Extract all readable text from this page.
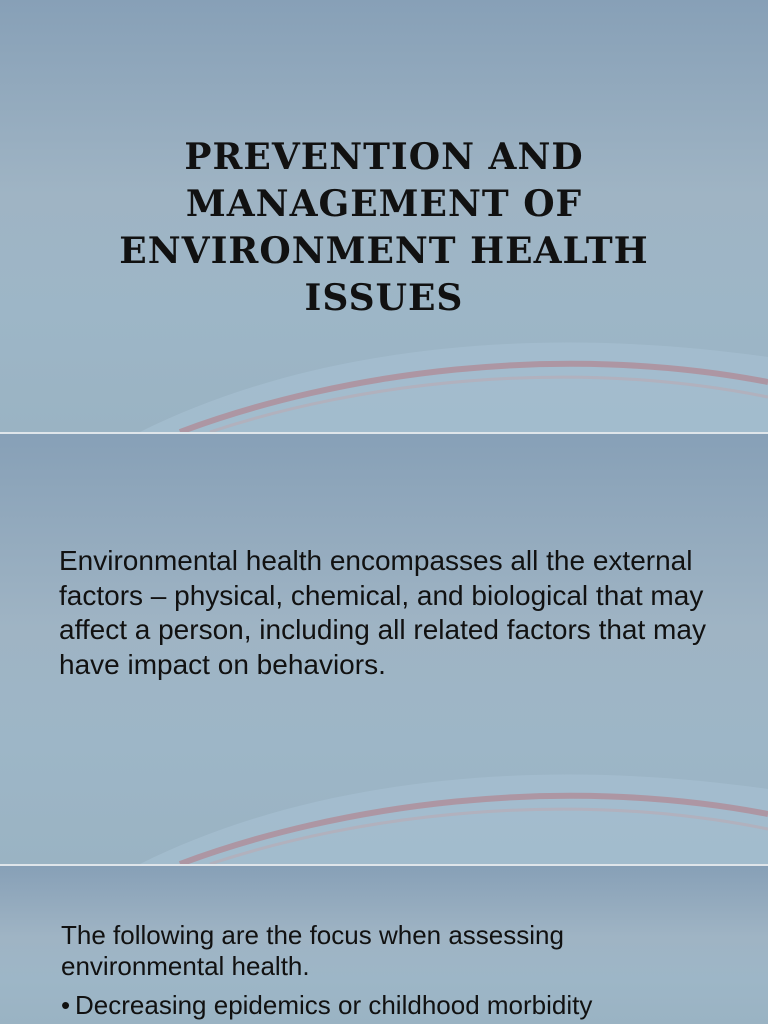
PREVENTION AND MANAGEMENT OF ENVIRONMENT HEALTH ISSUES
Environmental health encompasses all the external factors – physical, chemical, and biological that may affect a person, including all related factors that may have impact on behaviors.
The following are the focus when assessing environmental health.
• Decreasing epidemics or childhood morbidity
